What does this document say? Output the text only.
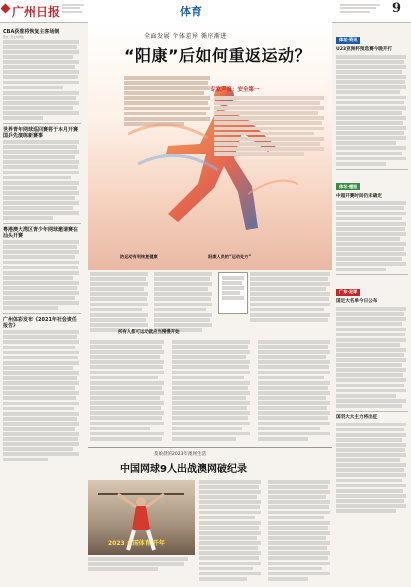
广州日报	体育	9
CBA获准将恢复主客场制
预计三月上旬开始
世界青年网球巡回赛将于本月开赛 国乒先演练新赛事
粤港澳大湾区青少年网球邀请赛在汕头开赛
广州体彩发布《2021年社会责任报告》
全面发展 个体差异 循序渐进
“阳康”后如何重返运动？
专家声音：安全第一
防运动有利恢复健康	阳康人员的“运动处方”
所有人都可运动就应当慢慢开始
莫娘晨的2023年澳网生活
中国网球9人出战澳网破纪录
2023 全国体育 开年
体坛·资讯
U23亚洲杯预选赛今晚开打
体坛·播报
中超开赛时间仍未确定
广东·足球
国足大名单今日公布
国羽大大主力将出征
